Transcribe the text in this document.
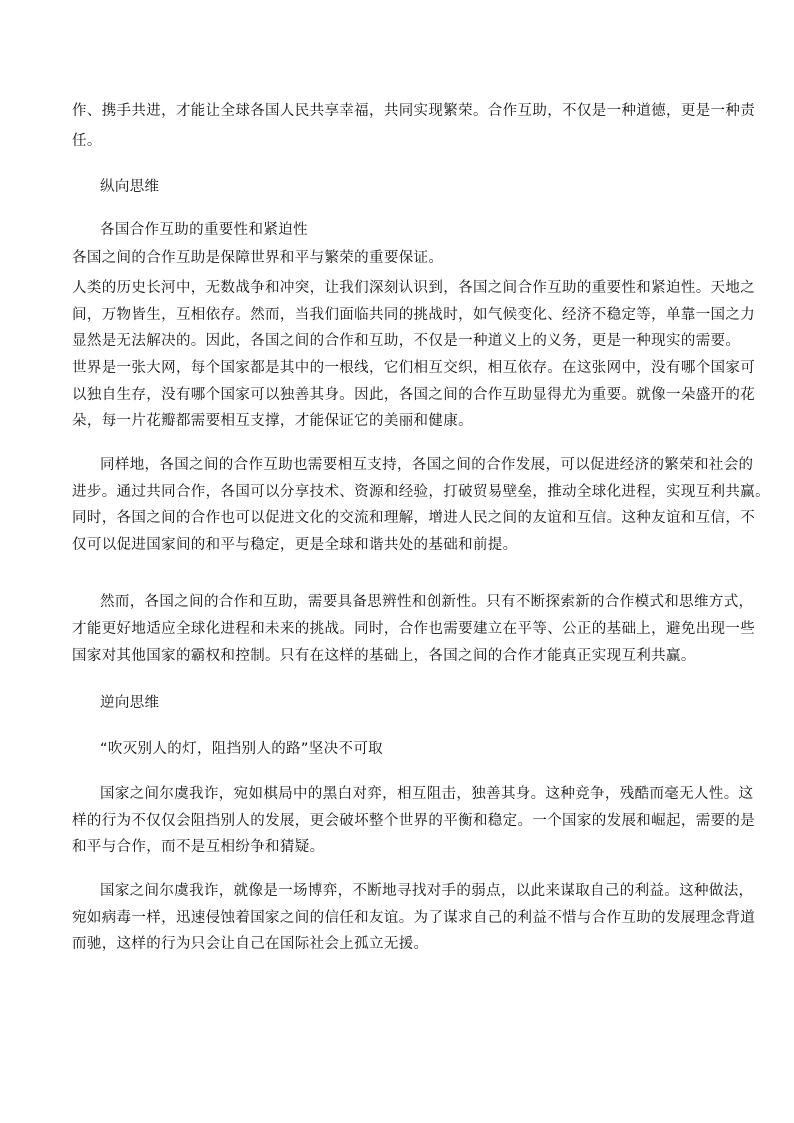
作、携手共进，才能让全球各国人民共享幸福，共同实现繁荣。合作互助，不仅是一种道德，更是一种责
任。
纵向思维
各国合作互助的重要性和紧迫性
各国之间的合作互助是保障世界和平与繁荣的重要保证。
人类的历史长河中，无数战争和冲突，让我们深刻认识到，各国之间合作互助的重要性和紧迫性。天地之
间，万物皆生，互相依存。然而，当我们面临共同的挑战时，如气候变化、经济不稳定等，单靠一国之力
显然是无法解决的。因此，各国之间的合作和互助，不仅是一种道义上的义务，更是一种现实的需要。
世界是一张大网，每个国家都是其中的一根线，它们相互交织，相互依存。在这张网中，没有哪个国家可
以独自生存，没有哪个国家可以独善其身。因此，各国之间的合作互助显得尤为重要。就像一朵盛开的花
朵，每一片花瓣都需要相互支撑，才能保证它的美丽和健康。
同样地，各国之间的合作互助也需要相互支持，各国之间的合作发展，可以促进经济的繁荣和社会的
进步。通过共同合作，各国可以分享技术、资源和经验，打破贸易壁垒，推动全球化进程，实现互利共赢。
同时，各国之间的合作也可以促进文化的交流和理解，增进人民之间的友谊和互信。这种友谊和互信，不
仅可以促进国家间的和平与稳定，更是全球和谐共处的基础和前提。
然而，各国之间的合作和互助，需要具备思辨性和创新性。只有不断探索新的合作模式和思维方式，
才能更好地适应全球化进程和未来的挑战。同时，合作也需要建立在平等、公正的基础上，避免出现一些
国家对其他国家的霸权和控制。只有在这样的基础上，各国之间的合作才能真正实现互利共赢。
逆向思维
“吹灭别人的灯，阻挡别人的路”坚决不可取
国家之间尔虞我诈，宛如棋局中的黑白对弈，相互阻击，独善其身。这种竞争，残酷而毫无人性。这
样的行为不仅仅会阻挡别人的发展，更会破坏整个世界的平衡和稳定。一个国家的发展和崛起，需要的是
和平与合作，而不是互相纷争和猜疑。
国家之间尔虞我诈，就像是一场博弈，不断地寻找对手的弱点，以此来谋取自己的利益。这种做法，
宛如病毒一样，迅速侵蚀着国家之间的信任和友谊。为了谋求自己的利益不惜与合作互助的发展理念背道
而驰，这样的行为只会让自己在国际社会上孤立无援。
